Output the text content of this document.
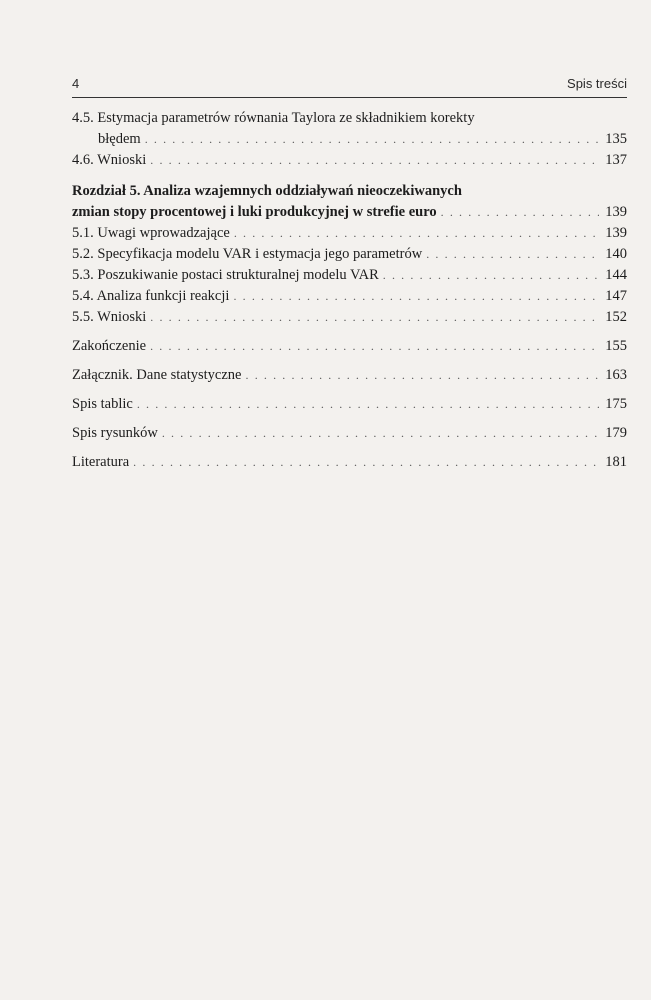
4	Spis treści
4.5. Estymacja parametrów równania Taylora ze składnikiem korekty
błędem . . .	135
4.6. Wnioski . . .	137
Rozdział 5. Analiza wzajemnych oddziaływań nieoczekiwanych
zmian stopy procentowej i luki produkcyjnej w strefie euro . . .	139
5.1. Uwagi wprowadzające . . .	139
5.2. Specyfikacja modelu VAR i estymacja jego parametrów . . .	140
5.3. Poszukiwanie postaci strukturalnej modelu VAR . . .	144
5.4. Analiza funkcji reakcji . . .	147
5.5. Wnioski . . .	152
Zakończenie . . .	155
Załącznik. Dane statystyczne . . .	163
Spis tablic . . .	175
Spis rysunków . . .	179
Literatura . . .	181
